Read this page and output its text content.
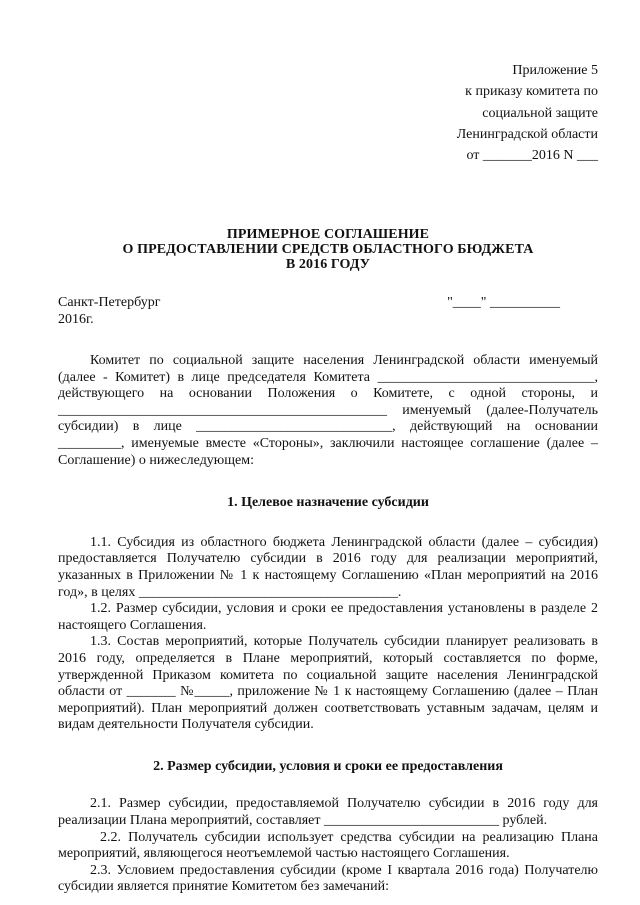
Приложение 5
к приказу комитета по
социальной защите
Ленинградской области
от _______2016 N ___
ПРИМЕРНОЕ СОГЛАШЕНИЕ
О ПРЕДОСТАВЛЕНИИ СРЕДСТВ ОБЛАСТНОГО БЮДЖЕТА
В 2016 ГОДУ
Санкт-Петербург
2016г.
"____" __________

Комитет по социальной защите населения Ленинградской области именуемый (далее - Комитет) в лице председателя Комитета _______________________________, действующего на основании Положения о Комитете, с одной стороны, и _______________________________________________ именуемый (далее-Получатель субсидии) в лице ____________________________, действующий на основании _________, именуемые вместе «Стороны», заключили настоящее соглашение (далее – Соглашение) о нижеследующем:

1. Целевое назначение субсидии

1.1. Субсидия из областного бюджета Ленинградской области (далее – субсидия) предоставляется Получателю субсидии в 2016 году для реализации мероприятий, указанных в Приложении № 1 к настоящему Соглашению «План мероприятий на 2016 год», в целях _____________________________________.

1.2. Размер субсидии, условия и сроки ее предоставления установлены в разделе 2 настоящего Соглашения.

1.3. Состав мероприятий, которые Получатель субсидии планирует реализовать в 2016 году, определяется в Плане мероприятий, который составляется по форме, утвержденной Приказом комитета по социальной защите населения Ленинградской области от _______ №_____, приложение № 1 к настоящему Соглашению (далее – План мероприятий). План мероприятий должен соответствовать уставным задачам, целям и видам деятельности Получателя субсидии.

2. Размер субсидии, условия и сроки ее предоставления

2.1. Размер субсидии, предоставляемой Получателю субсидии в 2016 году для реализации Плана мероприятий, составляет _________________________ рублей.

2.2. Получатель субсидии использует средства субсидии на реализацию Плана мероприятий, являющегося неотъемлемой частью настоящего Соглашения.

2.3. Условием предоставления субсидии (кроме I квартала 2016 года) Получателю субсидии является принятие Комитетом без замечаний:
